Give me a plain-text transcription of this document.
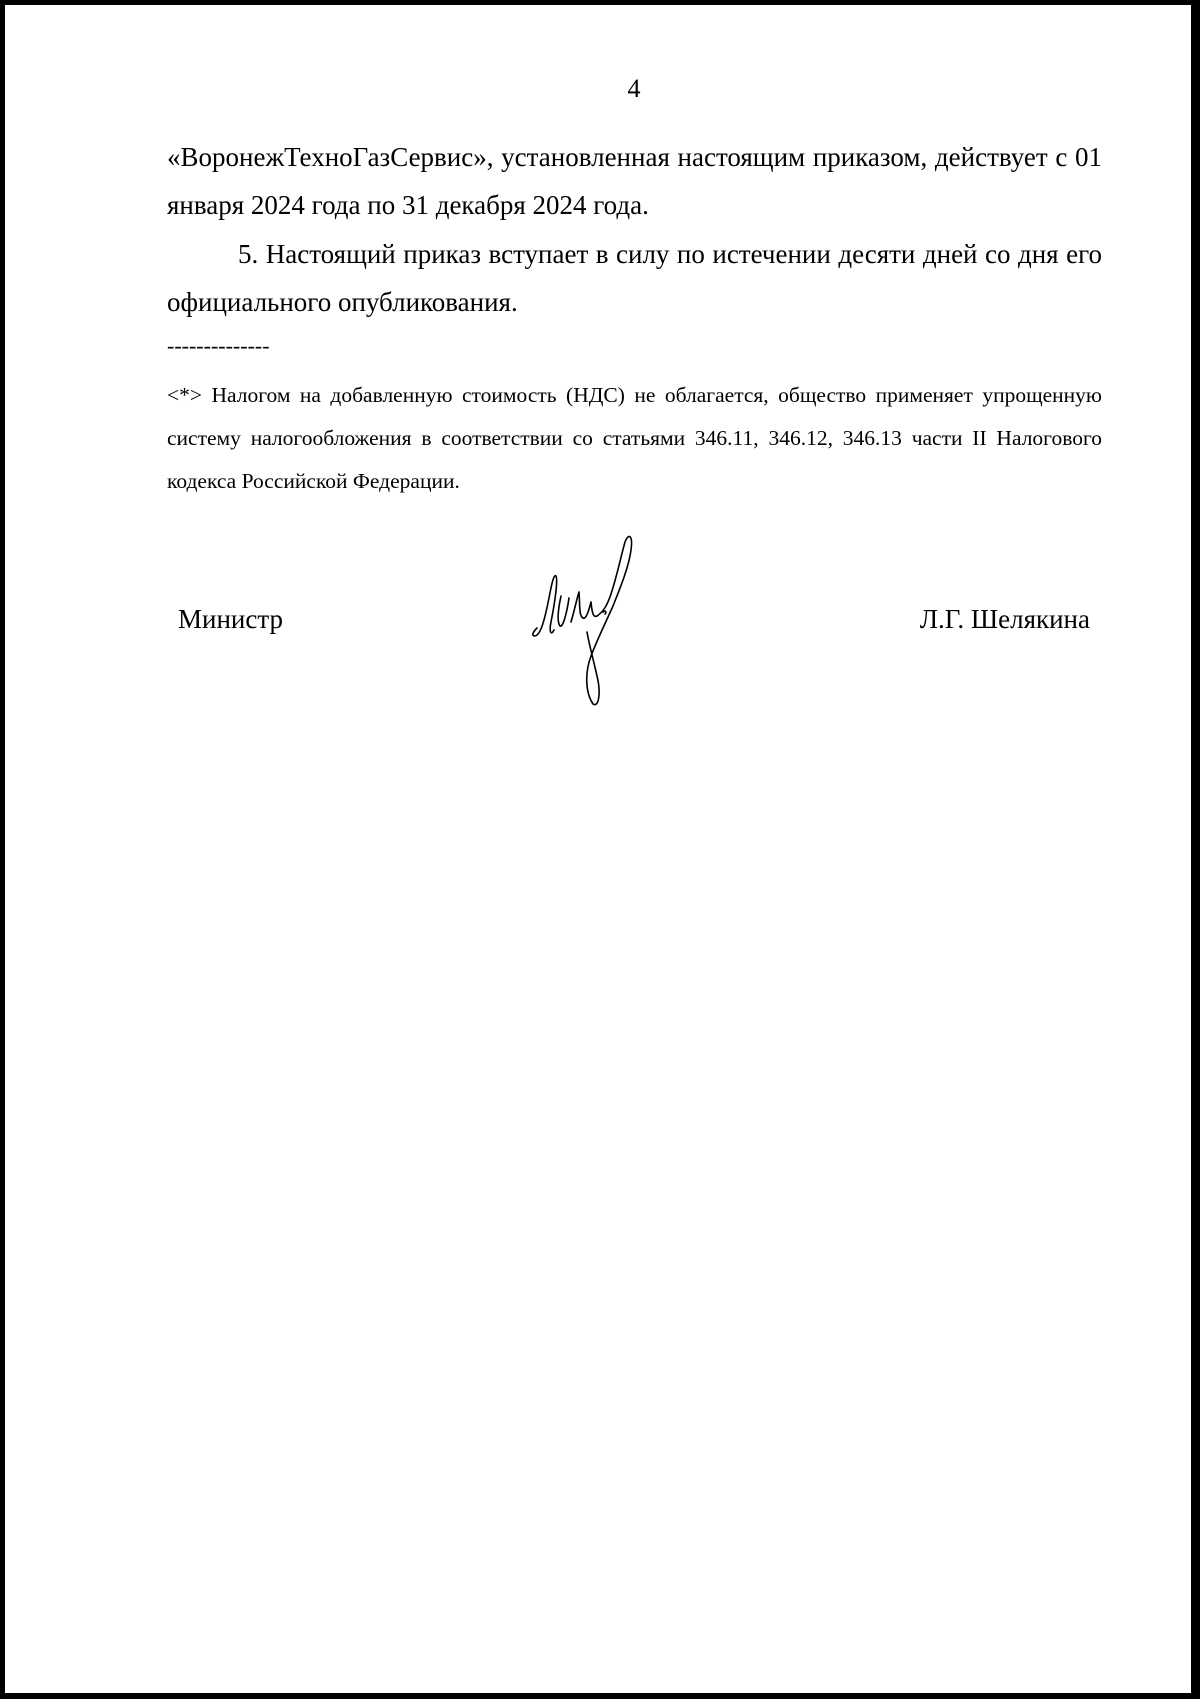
4
«ВоронежТехноГазСервис», установленная настоящим приказом, действует с 01 января 2024 года по 31 декабря 2024 года.
5. Настоящий приказ вступает в силу по истечении десяти дней со дня его официального опубликования.
--------------
<*> Налогом на добавленную стоимость (НДС) не облагается, общество применяет упрощенную систему налогообложения в соответствии со статьями 346.11, 346.12, 346.13 части II Налогового кодекса Российской Федерации.
Министр	Л.Г. Шелякина
